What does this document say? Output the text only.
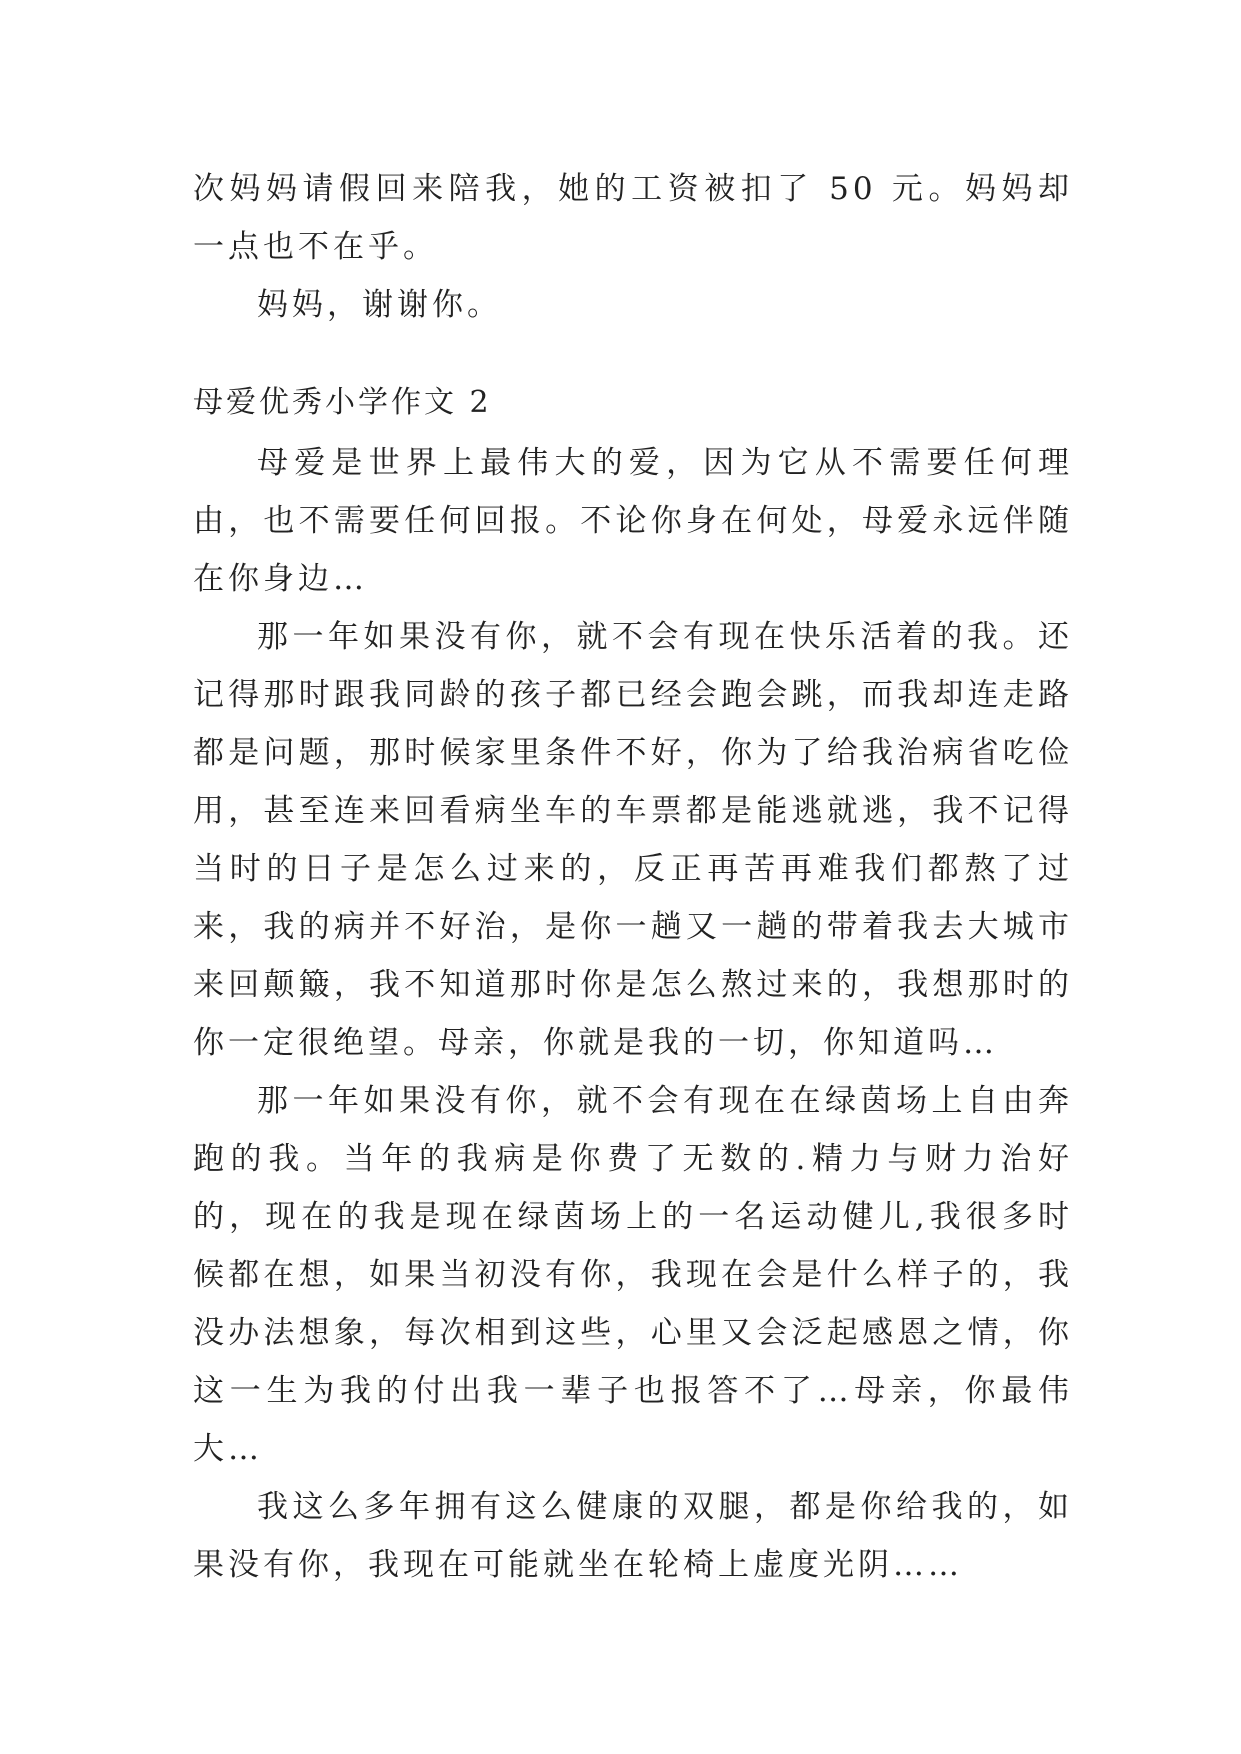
次妈妈请假回来陪我，她的工资被扣了 50 元。妈妈却一点也不在乎。

妈妈，谢谢你。

母爱优秀小学作文 2

母爱是世界上最伟大的爱，因为它从不需要任何理由，也不需要任何回报。不论你身在何处，母爱永远伴随在你身边…

那一年如果没有你，就不会有现在快乐活着的我。还记得那时跟我同龄的孩子都已经会跑会跳，而我却连走路都是问题，那时候家里条件不好，你为了给我治病省吃俭用，甚至连来回看病坐车的车票都是能逃就逃，我不记得当时的日子是怎么过来的，反正再苦再难我们都熬了过来，我的病并不好治，是你一趟又一趟的带着我去大城市来回颠簸，我不知道那时你是怎么熬过来的，我想那时的你一定很绝望。母亲，你就是我的一切，你知道吗…

那一年如果没有你，就不会有现在在绿茵场上自由奔跑的我。当年的我病是你费了无数的.精力与财力治好的，现在的我是现在绿茵场上的一名运动健儿,我很多时候都在想，如果当初没有你，我现在会是什么样子的，我没办法想象，每次相到这些，心里又会泛起感恩之情，你这一生为我的付出我一辈子也报答不了…母亲，你最伟大…

我这么多年拥有这么健康的双腿，都是你给我的，如果没有你，我现在可能就坐在轮椅上虚度光阴……
